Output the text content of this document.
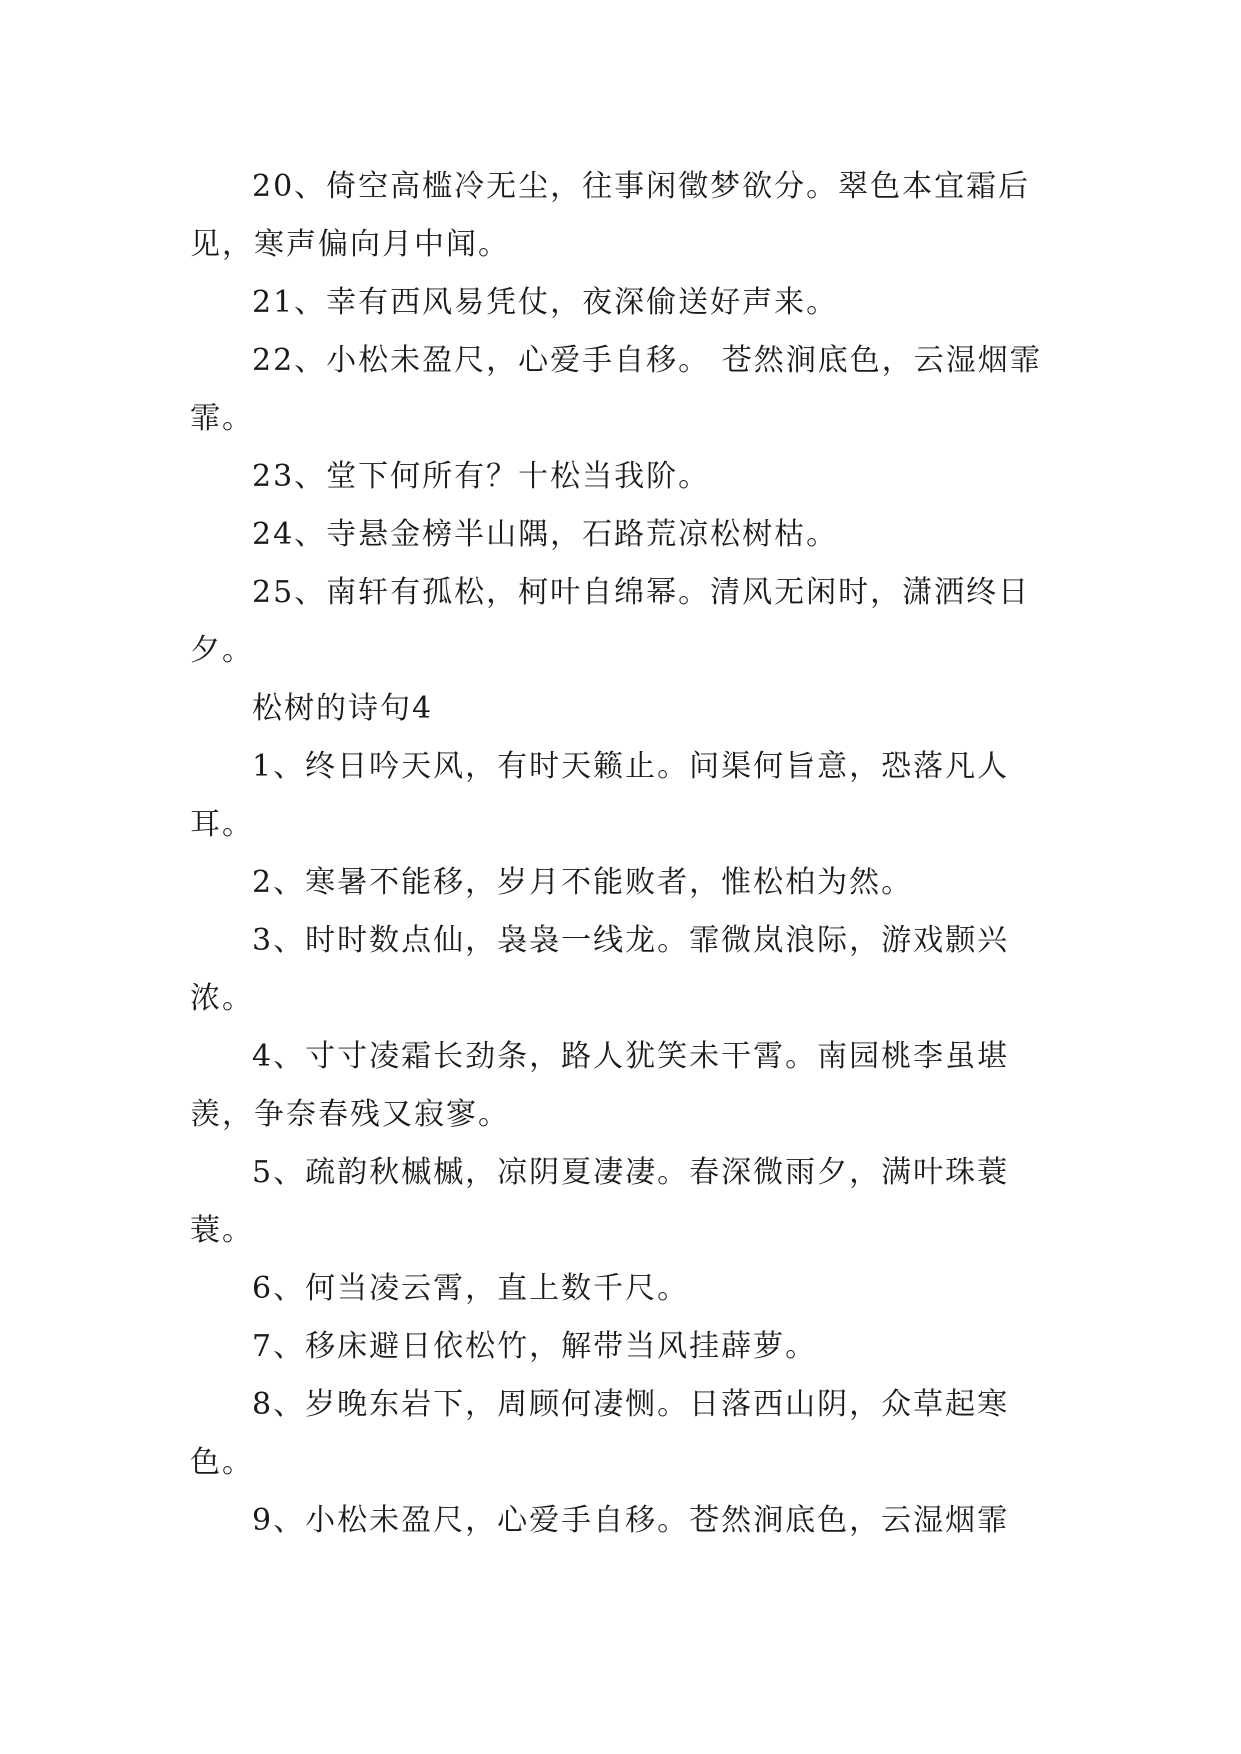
20、倚空高槛冷无尘，往事闲徵梦欲分。翠色本宜霜后见，寒声偏向月中闻。

21、幸有西风易凭仗，夜深偷送好声来。

22、小松未盈尺，心爱手自移。 苍然涧底色，云湿烟霏霏。

23、堂下何所有？十松当我阶。

24、寺悬金榜半山隅，石路荒凉松树枯。

25、南轩有孤松，柯叶自绵幂。清风无闲时，潇洒终日夕。

松树的诗句4

1、终日吟天风，有时天籁止。问渠何旨意，恐落凡人耳。

2、寒暑不能移，岁月不能败者，惟松柏为然。

3、时时数点仙，袅袅一线龙。霏微岚浪际，游戏颢兴浓。

4、寸寸凌霜长劲条，路人犹笑未干霄。南园桃李虽堪羡，争奈春残又寂寥。

5、疏韵秋槭槭，凉阴夏凄凄。春深微雨夕，满叶珠蓑蓑。

6、何当凌云霄，直上数千尺。

7、移床避日依松竹，解带当风挂薜萝。

8、岁晚东岩下，周顾何凄恻。日落西山阴，众草起寒色。

9、小松未盈尺，心爱手自移。苍然涧底色，云湿烟霏
